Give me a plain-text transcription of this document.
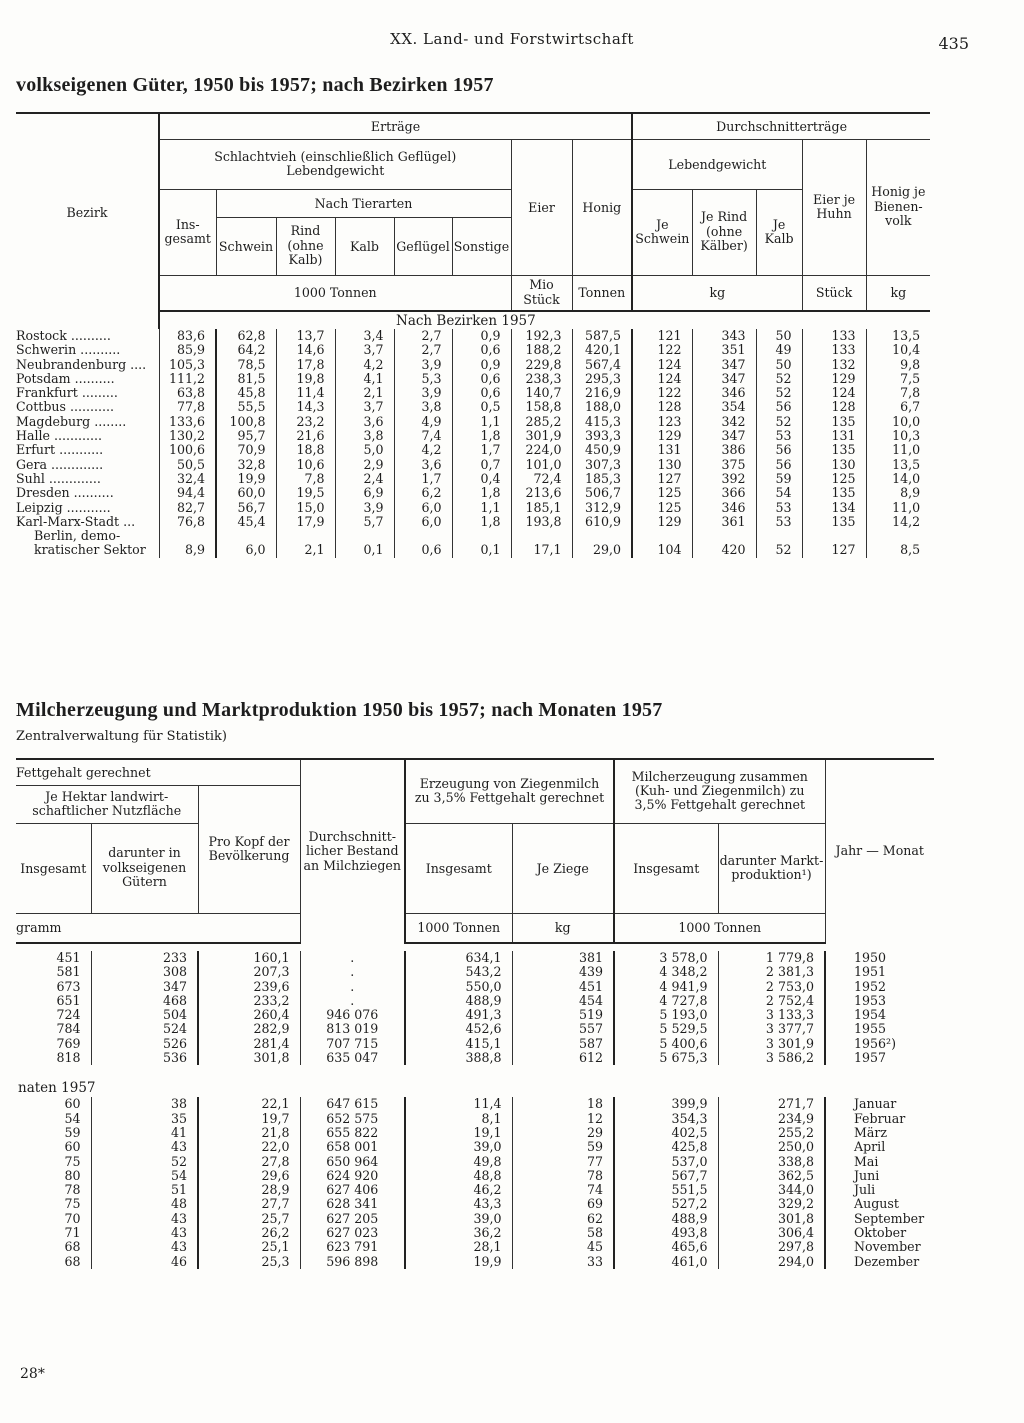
XX. Land- und Forstwirtschaft	435
volkseigenen Güter, 1950 bis 1957; nach Bezirken 1957
Bezirk	Erträge								Durchschnitterträge				
	Schlachtvieh (einschließlich Geflügel) Lebendgewicht						Eier	Honig	Lebendgewicht			Eier je Huhn	Honig je Bienen-volk
	Ins-gesamt	Nach Tierarten							Je Schwein	Je Rind (ohne Kälber)	Je Kalb		
		Schwein	Rind (ohne Kalb)	Kalb	Geflügel	Sonstige							
	1000 Tonnen						Mio Stück	Tonnen	kg			Stück	kg
		Nach Bezirken 1957											
Rostock ..........	83,6	62,8	13,7	3,4	2,7	0,9	192,3	587,5	121	343	50	133	13,5
Schwerin ..........	85,9	64,2	14,6	3,7	2,7	0,6	188,2	420,1	122	351	49	133	10,4
Neubrandenburg ....	105,3	78,5	17,8	4,2	3,9	0,9	229,8	567,4	124	347	50	132	9,8
Potsdam ..........	111,2	81,5	19,8	4,1	5,3	0,6	238,3	295,3	124	347	52	129	7,5
Frankfurt .........	63,8	45,8	11,4	2,1	3,9	0,6	140,7	216,9	122	346	52	124	7,8
Cottbus ...........	77,8	55,5	14,3	3,7	3,8	0,5	158,8	188,0	128	354	56	128	6,7
Magdeburg ........	133,6	100,8	23,2	3,6	4,9	1,1	285,2	415,3	123	342	52	135	10,0
Halle ............	130,2	95,7	21,6	3,8	7,4	1,8	301,9	393,3	129	347	53	131	10,3
Erfurt ...........	100,6	70,9	18,8	5,0	4,2	1,7	224,0	450,9	131	386	56	135	11,0
Gera .............	50,5	32,8	10,6	2,9	3,6	0,7	101,0	307,3	130	375	56	130	13,5
Suhl .............	32,4	19,9	7,8	2,4	1,7	0,4	72,4	185,3	127	392	59	125	14,0
Dresden ..........	94,4	60,0	19,5	6,9	6,2	1,8	213,6	506,7	125	366	54	135	8,9
Leipzig ...........	82,7	56,7	15,0	3,9	6,0	1,1	185,1	312,9	125	346	53	134	11,0
Karl-Marx-Stadt ...	76,8	45,4	17,9	5,7	6,0	1,8	193,8	610,9	129	361	53	135	14,2
Berlin, demo-													
kratischer Sektor	8,9	6,0	2,1	0,1	0,6	0,1	17,1	29,0	104	420	52	127	8,5
Milcherzeugung und Marktproduktion 1950 bis 1957; nach Monaten 1957
Zentralverwaltung für Statistik)
Fettgehalt gerechnet			Durchschnitt-licher Bestand an Milchziegen	Erzeugung von Ziegenmilch zu 3,5% Fettgehalt gerechnet		Milcherzeugung zusammen (Kuh- und Ziegenmilch) zu 3,5% Fettgehalt gerechnet		Jahr — Monat
Je Hektar landwirt-schaftlicher Nutzfläche		Pro Kopf der Bevölkerung						
Insgesamt	darunter in volkseigenen Gütern			Insgesamt	Je Ziege	Insgesamt	darunter Markt-produktion¹)	
gramm				1000 Tonnen	kg	1000 Tonnen		

451	233	160,1	.	634,1	381	3 578,0	1 779,8	1950
581	308	207,3	.	543,2	439	4 348,2	2 381,3	1951
673	347	239,6	.	550,0	451	4 941,9	2 753,0	1952
651	468	233,2	.	488,9	454	4 727,8	2 752,4	1953
724	504	260,4	946 076	491,3	519	5 193,0	3 133,3	1954
784	524	282,9	813 019	452,6	557	5 529,5	3 377,7	1955
769	526	281,4	707 715	415,1	587	5 400,6	3 301,9	1956²)
818	536	301,8	635 047	388,8	612	5 675,3	3 586,2	1957

naten 1957								
60	38	22,1	647 615	11,4	18	399,9	271,7	Januar
54	35	19,7	652 575	8,1	12	354,3	234,9	Februar
59	41	21,8	655 822	19,1	29	402,5	255,2	März
60	43	22,0	658 001	39,0	59	425,8	250,0	April
75	52	27,8	650 964	49,8	77	537,0	338,8	Mai
80	54	29,6	624 920	48,8	78	567,7	362,5	Juni
78	51	28,9	627 406	46,2	74	551,5	344,0	Juli
75	48	27,7	628 341	43,3	69	527,2	329,2	August
70	43	25,7	627 205	39,0	62	488,9	301,8	September
71	43	26,2	627 023	36,2	58	493,8	306,4	Oktober
68	43	25,1	623 791	28,1	45	465,6	297,8	November
68	46	25,3	596 898	19,9	33	461,0	294,0	Dezember
28*
